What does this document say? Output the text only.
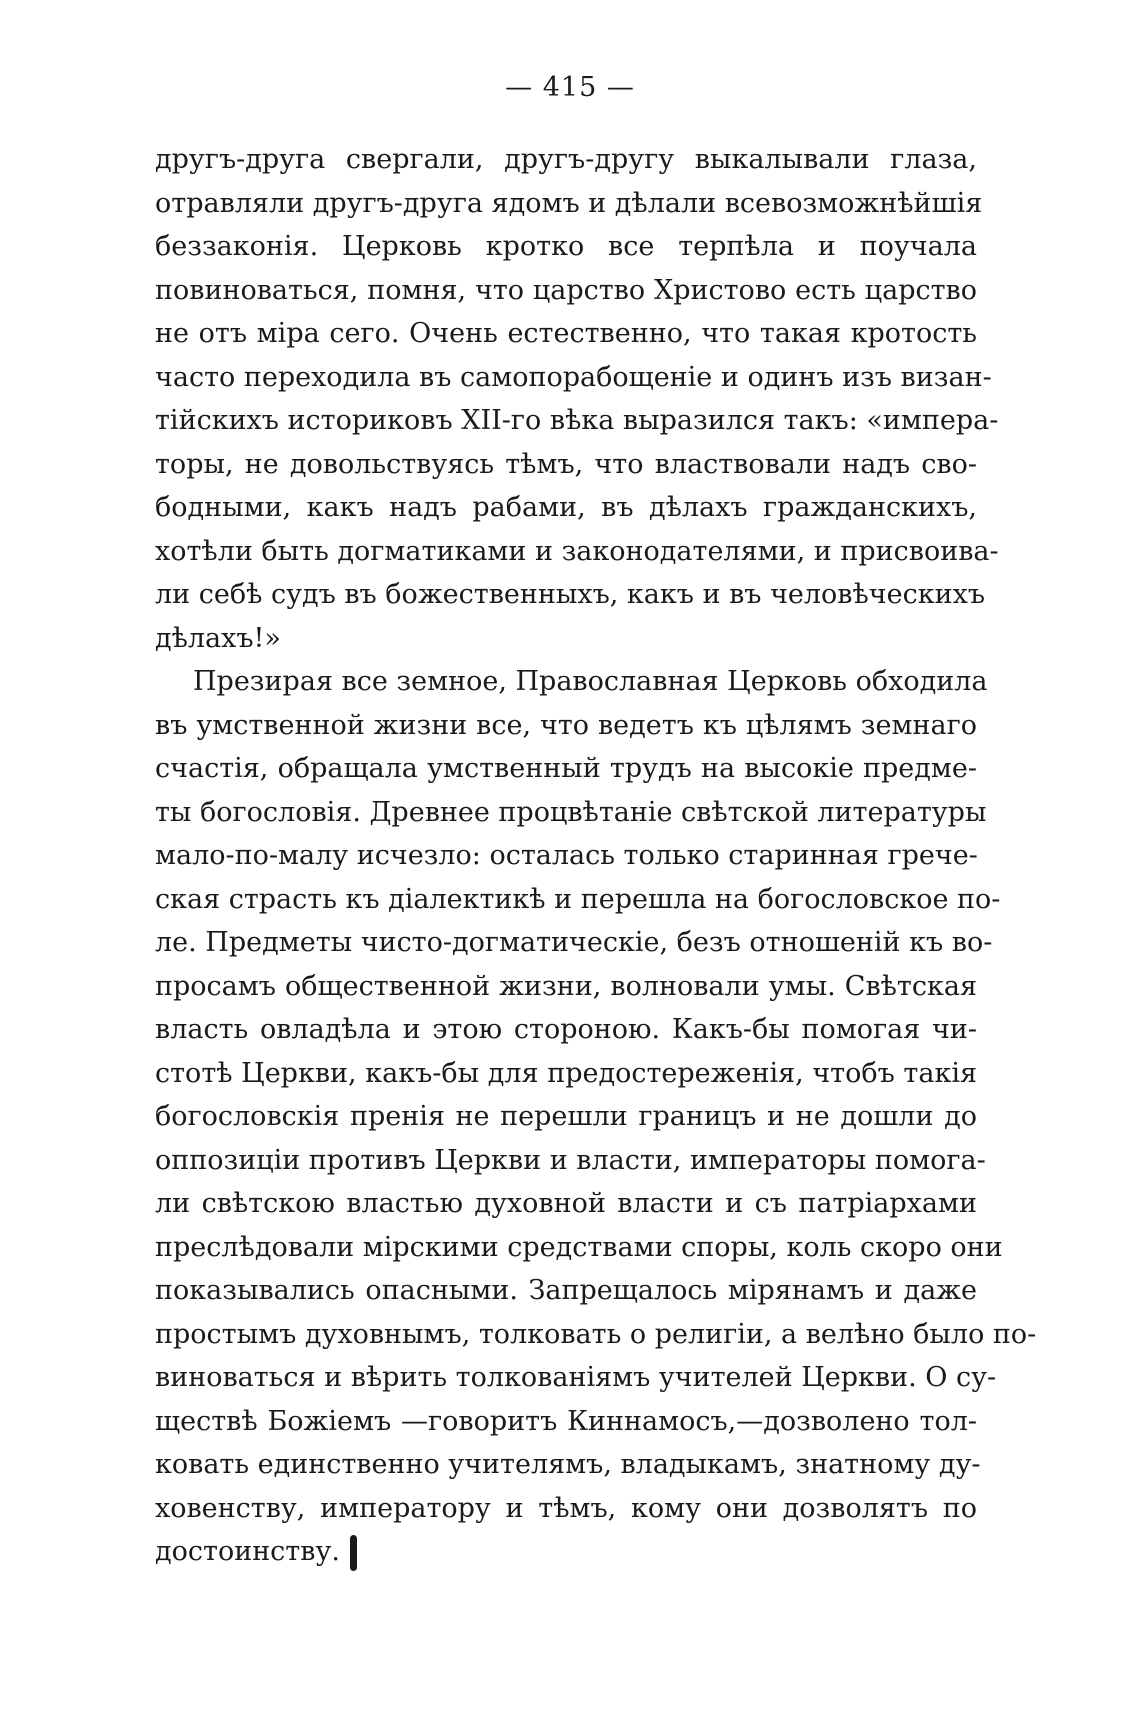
— 415 —
другъ-друга свергали, другъ-другу выкалывали глаза,
отравляли другъ-друга ядомъ и дѣлали всевозможнѣйшія
беззаконія. Церковь кротко все терпѣла и поучала
повиноваться, помня, что царство Христово есть царство
не отъ міра сего. Очень естественно, что такая кротость
часто переходила въ самопорабощеніе и одинъ изъ визан-
тійскихъ историковъ XII-го вѣка выразился такъ: «импера-
торы, не довольствуясь тѣмъ, что властвовали надъ сво-
бодными, какъ надъ рабами, въ дѣлахъ гражданскихъ,
хотѣли быть догматиками и законодателями, и присвоива-
ли себѣ судъ въ божественныхъ, какъ и въ человѣческихъ
дѣлахъ!»
Презирая все земное, Православная Церковь обходила
въ умственной жизни все, что ведетъ къ цѣлямъ земнаго
счастія, обращала умственный трудъ на высокіе предме-
ты богословія. Древнее процвѣтаніе свѣтской литературы
мало-по-малу исчезло: осталась только старинная грече-
ская страсть къ діалектикѣ и перешла на богословское по-
ле. Предметы чисто-догматическіе, безъ отношеній къ во-
просамъ общественной жизни, волновали умы. Свѣтская
власть овладѣла и этою стороною. Какъ-бы помогая чи-
стотѣ Церкви, какъ-бы для предостереженія, чтобъ такія
богословскія пренія не перешли границъ и не дошли до
оппозиціи противъ Церкви и власти, императоры помога-
ли свѣтскою властью духовной власти и съ патріархами
преслѣдовали мірскими средствами споры, коль скоро они
показывались опасными. Запрещалось мірянамъ и даже
простымъ духовнымъ, толковать о религіи, а велѣно было по-
виноваться и вѣрить толкованіямъ учителей Церкви. О су-
ществѣ Божіемъ —говоритъ Киннамосъ,—дозволено тол-
ковать единственно учителямъ, владыкамъ, знатному ду-
ховенству, императору и тѣмъ, кому они дозволятъ по
достоинству.
